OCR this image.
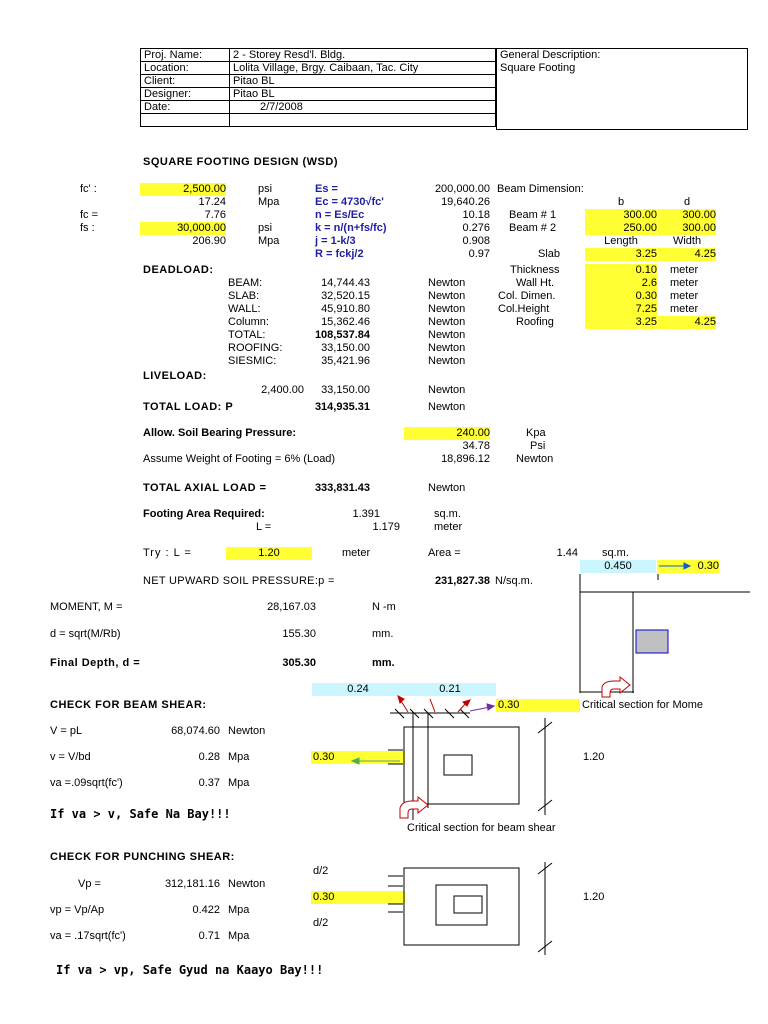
Proj. Name:	2 - Storey Resd'l. Bldg.
Location:	Lolita Village, Brgy. Caibaan, Tac. City
Client:	Pitao BL
Designer:	Pitao BL
Date:	2/7/2008

General Description:
Square Footing
SQUARE FOOTING DESIGN (WSD)
fc' :	2,500.00	psi
17.24	Mpa
fc =	7.76
fs :	30,000.00	psi
206.90	Mpa
Es =	200,000.00
Ec = 4730√fc'	19,640.26
n = Es/Ec	10.18
k = n/(n+fs/fc)	0.276
j = 1-k/3	0.908
R = fckj/2	0.97
Beam Dimension:
b	d
Beam # 1	300.00	300.00
Beam # 2	250.00	300.00
Length	Width
Slab	3.25	4.25
Thickness	0.10 meter
Wall Ht.	2.6 meter
Col. Dimen.	0.30 meter
Col.Height	7.25 meter
Roofing	3.25	4.25
DEADLOAD:
BEAM:	14,744.43	Newton
SLAB:	32,520.15	Newton
WALL:	45,910.80	Newton
Column:	15,362.46	Newton
TOTAL:	108,537.84	Newton
ROOFING:	33,150.00	Newton
SIESMIC:	35,421.96	Newton
LIVELOAD:
2,400.00	33,150.00	Newton
TOTAL LOAD: P	314,935.31	Newton
Allow. Soil Bearing Pressure:	240.00	Kpa
34.78	Psi
Assume Weight of Footing = 6% (Load)	18,896.12 Newton
TOTAL AXIAL LOAD =	333,831.43	Newton
Footing Area Required:	1.391	sq.m.
L =	1.179	meter
Try : L =	1.20	meter	Area =	1.44 sq.m.
NET UPWARD SOIL PRESSURE:p =	231,827.38 N/sq.m.
0.450	0.30
MOMENT, M =	28,167.03	N -m
d = sqrt(M/Rb)	155.30	mm.
Final Depth, d =	305.30	mm.
0.24	0.21
CHECK FOR BEAM SHEAR:	0.30	Critical section for Mome
V = pL	68,074.60 Newton
v = V/bd	0.28 Mpa
va =.09sqrt(fc')	0.37 Mpa
0.30	1.20
Critical section for beam shear
If va > v, Safe Na Bay!!!
CHECK FOR PUNCHING SHEAR:
Vp =	312,181.16 Newton
vp = Vp/Ap	0.422 Mpa
va = .17sqrt(fc')	0.71 Mpa
d/2
0.30
d/2
1.20
If va > vp, Safe Gyud na Kaayo Bay!!!
